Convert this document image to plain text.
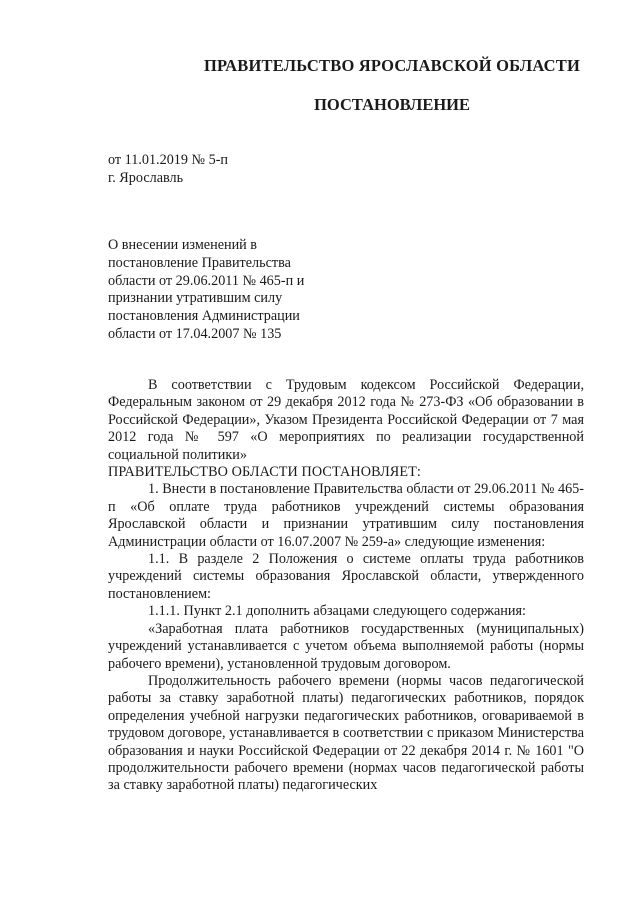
ПРАВИТЕЛЬСТВО ЯРОСЛАВСКОЙ ОБЛАСТИ
ПОСТАНОВЛЕНИЕ
от 11.01.2019 № 5-п
г. Ярославль
О внесении изменений в постановление Правительства области от 29.06.2011 № 465-п и признании утратившим силу постановления Администрации области от 17.04.2007 № 135

В соответствии с Трудовым кодексом Российской Федерации, Федеральным законом от 29 декабря 2012 года № 273-ФЗ «Об образовании в Российской Федерации», Указом Президента Российской Федерации от 7 мая 2012 года № 597 «О мероприятиях по реализации государственной социальной политики»

ПРАВИТЕЛЬСТВО ОБЛАСТИ ПОСТАНОВЛЯЕТ:

1. Внести в постановление Правительства области от 29.06.2011 № 465-п «Об оплате труда работников учреждений системы образования Ярославской области и признании утратившим силу постановления Администрации области от 16.07.2007 № 259-а» следующие изменения:

1.1. В разделе 2 Положения о системе оплаты труда работников учреждений системы образования Ярославской области, утвержденного постановлением:

1.1.1. Пункт 2.1 дополнить абзацами следующего содержания:

«Заработная плата работников государственных (муниципальных) учреждений устанавливается с учетом объема выполняемой работы (нормы рабочего времени), установленной трудовым договором.

Продолжительность рабочего времени (нормы часов педагогической работы за ставку заработной платы) педагогических работников, порядок определения учебной нагрузки педагогических работников, оговариваемой в трудовом договоре, устанавливается в соответствии с приказом Министерства образования и науки Российской Федерации от 22 декабря 2014 г. № 1601 "О продолжительности рабочего времени (нормах часов педагогической работы за ставку заработной платы) педагогических
